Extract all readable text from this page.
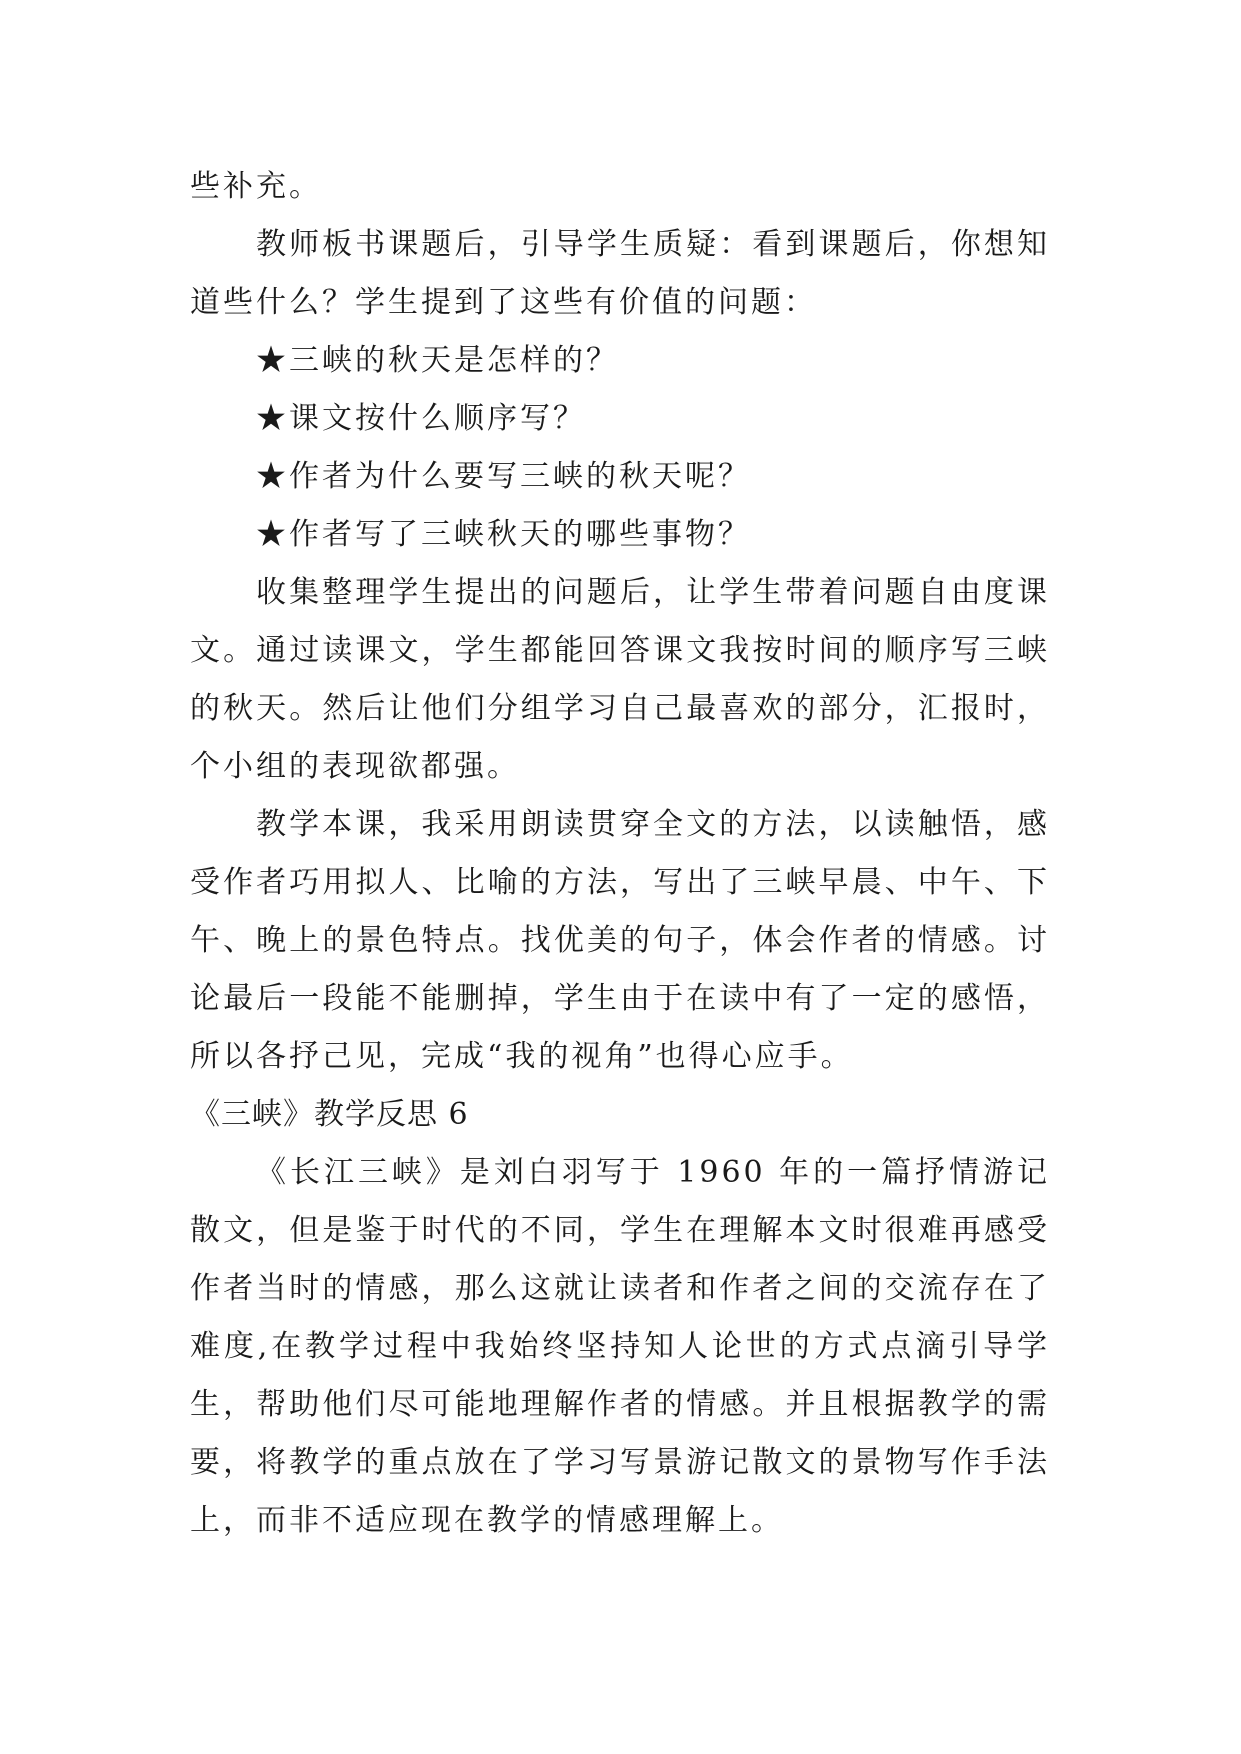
些补充。

教师板书课题后，引导学生质疑：看到课题后，你想知道些什么？学生提到了这些有价值的问题：

★三峡的秋天是怎样的？

★课文按什么顺序写？

★作者为什么要写三峡的秋天呢？

★作者写了三峡秋天的哪些事物？

收集整理学生提出的问题后，让学生带着问题自由度课文。通过读课文，学生都能回答课文我按时间的顺序写三峡的秋天。然后让他们分组学习自己最喜欢的部分，汇报时，个小组的表现欲都强。

教学本课，我采用朗读贯穿全文的方法，以读触悟，感受作者巧用拟人、比喻的方法，写出了三峡早晨、中午、下午、晚上的景色特点。找优美的句子，体会作者的情感。讨论最后一段能不能删掉，学生由于在读中有了一定的感悟，所以各抒己见，完成“我的视角”也得心应手。

《三峡》教学反思 6

《长江三峡》是刘白羽写于 1960 年的一篇抒情游记散文，但是鉴于时代的不同，学生在理解本文时很难再感受作者当时的情感，那么这就让读者和作者之间的交流存在了难度,在教学过程中我始终坚持知人论世的方式点滴引导学生，帮助他们尽可能地理解作者的情感。并且根据教学的需要，将教学的重点放在了学习写景游记散文的景物写作手法上，而非不适应现在教学的情感理解上。
